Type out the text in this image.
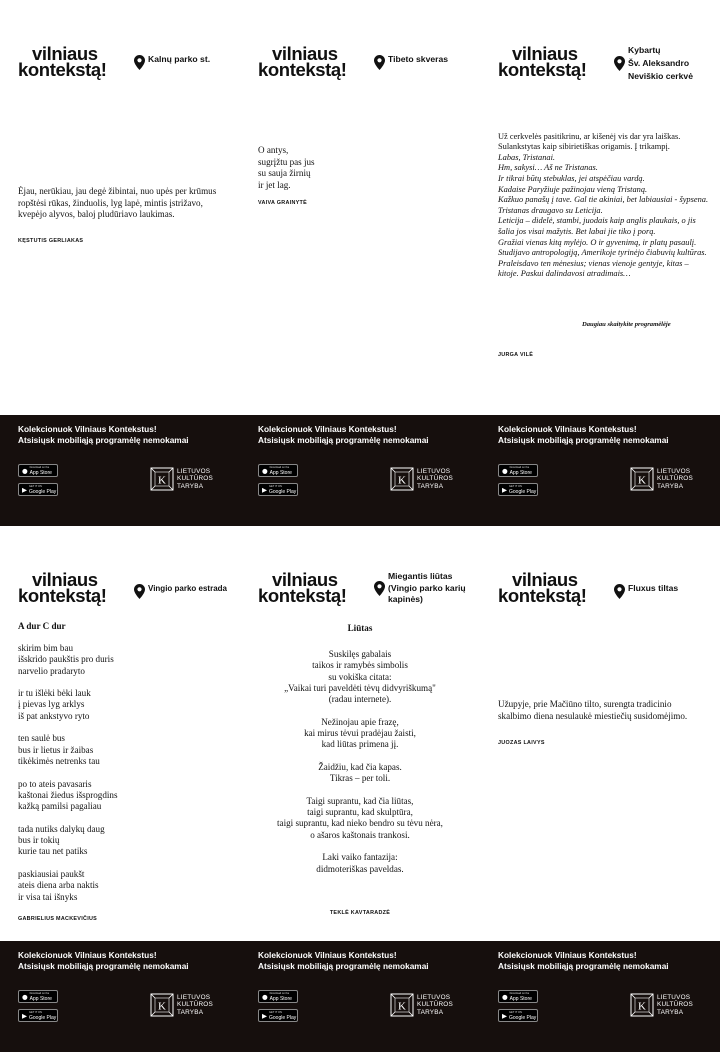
vilniaus
kontekstą!	Kalnų parko st.
Ėjau, nerūkiau, jau degė žibintai, nuo upės per krūmus ropštėsi rūkas, žinduolis, lyg lapė, mintis įstrižavo, kvepėjo alyvos, baloj pludūriavo laukimas.
KĘSTUTIS GERLIAKAS
Kolekcionuok Vilniaus Kontekstus!
Atsisiųsk mobiliąją programėlę nemokamai
● Download on the
App Store
▶ GET IT ON
Google Play
K
LIETUVOS
KULTŪROS
TARYBA
vilniaus
kontekstą!	Tibeto skveras
O antys,
sugrįžtu pas jus
su sauja žirnių
ir jet lag.
VAIVA GRAINYTĖ
Kolekcionuok Vilniaus Kontekstus!
Atsisiųsk mobiliąją programėlę nemokamai
● Download on the
App Store
▶ GET IT ON
Google Play
K
LIETUVOS
KULTŪROS
TARYBA
vilniaus
kontekstą!
Kybartų
Šv. Aleksandro
Neviškio cerkvė

Už cerkvelės pasitikrinu, ar kišenėj vis dar yra laiškas. Sulankstytas kaip sibirietiškas origamis. Į trikampį.

Labas, Tristanai.
Hm, sakysi… Aš ne Tristanas.
Ir tikrai būtų stebuklas, jei atspėčiau vardą.
Kadaise Paryžiuje pažinojau vieną Tristaną.
Kažkuo panašų į tave. Gal tie akiniai, bet labiausiai - šypsena.
Tristanas draugavo su Leticija.
Leticija – didelė, stambi, juodais kaip anglis plaukais, o jis šalia jos visai mažytis. Bet labai jie tiko į porą.
Gražiai vienas kitą mylėjo. O ir gyvenimą, ir platų pasaulį. Studijavo antropologiją, Amerikoje tyrinėjo čiabuvių kultūras.
Praleisdavo ten mėnesius; vienas vienoje gentyje, kitas – kitoje. Paskui dalindavosi atradimais…

Daugiau skaitykite programėlėje
JURGA VILĖ
Kolekcionuok Vilniaus Kontekstus!
Atsisiųsk mobiliąją programėlę nemokamai
● Download on the
App Store
▶ GET IT ON
Google Play
K
LIETUVOS
KULTŪROS
TARYBA
vilniaus
kontekstą!	Vingio parko estrada
A dur C dur
skirim bim bau
išskrido paukštis pro duris
narvelio pradaryto

ir tu išlėki bėki lauk
į pievas lyg arklys
iš pat ankstyvo ryto

ten saulė bus
bus ir lietus ir žaibas
tikėkimės netrenks tau

po to ateis pavasaris
kaštonai žiedus išsprogdins
kažką pamilsi pagaliau

tada nutiks dalykų daug
bus ir tokių
kurie tau net patiks

paskiausiai paukšt
ateis diena arba naktis
ir visa tai išnyks
GABRIELIUS MACKEVIČIUS
Kolekcionuok Vilniaus Kontekstus!
Atsisiųsk mobiliąją programėlę nemokamai
● Download on the
App Store
▶ GET IT ON
Google Play
K
LIETUVOS
KULTŪROS
TARYBA
vilniaus
kontekstą!
Miegantis liūtas
(Vingio parko karių
kapinės)
Liūtas
Suskilęs gabalais
taikos ir ramybės simbolis
su vokiška citata:
„Vaikai turi paveldėti tėvų didvyriškumą"
(radau internete).

Nežinojau apie frazę,
kai mirus tėvui pradėjau žaisti,
kad liūtas primena jį.

Žaidžiu, kad čia kapas.
Tikras – per toli.

Taigi suprantu, kad čia liūtas,
taigi suprantu, kad skulptūra,
taigi suprantu, kad nieko bendro su tėvu nėra,
o ašaros kaštonais trankosi.

Laki vaiko fantazija:
didmoteriškas paveldas.
TEKLĖ KAVTARADZĖ
Kolekcionuok Vilniaus Kontekstus!
Atsisiųsk mobiliąją programėlę nemokamai
● Download on the
App Store
▶ GET IT ON
Google Play
K
LIETUVOS
KULTŪROS
TARYBA
vilniaus
kontekstą!	Fluxus tiltas
Užupyje, prie Mačiūno tilto, surengta tradicinio skalbimo diena nesulaukė miestiečių susidomėjimo.
JUOZAS LAIVYS
Kolekcionuok Vilniaus Kontekstus!
Atsisiųsk mobiliąją programėlę nemokamai
● Download on the
App Store
▶ GET IT ON
Google Play
K
LIETUVOS
KULTŪROS
TARYBA
